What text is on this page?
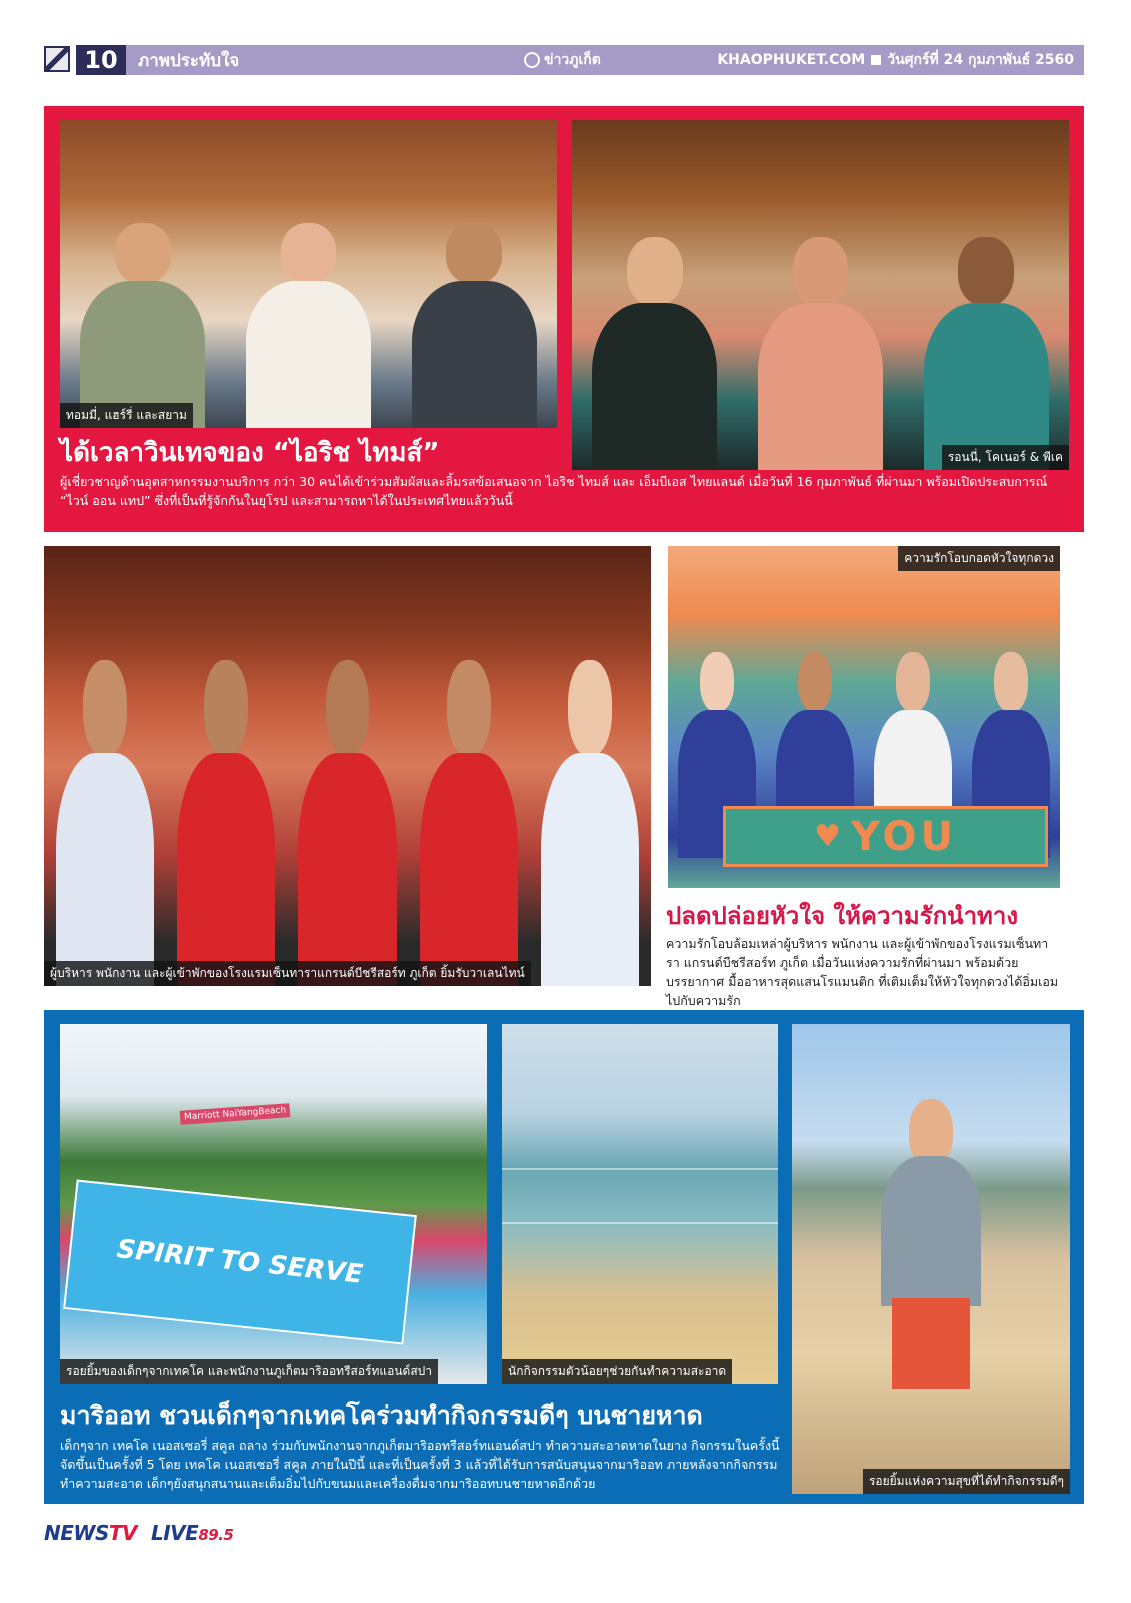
10	ภาพประทับใจ	ข่าวภูเก็ต	KHAOPHUKET.COM วันศุกร์ที่ 24 กุมภาพันธ์ 2560
ทอมมี่, แฮร์รี่ และสยาม
รอนนี่, โคเนอร์ & พีเค
ได้เวลาวินเทจของ “ไอริช ไทมส์”
ผู้เชี่ยวชาญด้านอุตสาหกรรมงานบริการ กว่า 30 คนได้เข้าร่วมสัมผัสและลิ้มรสข้อเสนอจาก ไอริช ไทมส์ และ เอ็มบีเอส ไทยแลนด์ เมื่อวันที่ 16 กุมภาพันธ์ ที่ผ่านมา พร้อมเปิดประสบการณ์ “ไวน์ ออน แทป” ซึ่งที่เป็นที่รู้จักกันในยุโรป และสามารถหาได้ในประเทศไทยแล้ววันนี้
ผู้บริหาร พนักงาน และผู้เข้าพักของโรงแรมเซ็นทาราแกรนด์บีชรีสอร์ท ภูเก็ต ยิ้มรับวาเลนไทน์
♥ YOU
ความรักโอบกอดหัวใจทุกดวง
ปลดปล่อยหัวใจ ให้ความรักนำทาง
ความรักโอบล้อมเหล่าผู้บริหาร พนักงาน และผู้เข้าพักของโรงแรมเซ็นทารา แกรนด์บีชรีสอร์ท ภูเก็ต เมื่อวันแห่งความรักที่ผ่านมา พร้อมด้วยบรรยากาศ มื้ออาหารสุดแสนโรแมนติก ที่เติมเต็มให้หัวใจทุกดวงได้อิ่มเอมไปกับความรัก
Marriott NaiYangBeach
SPIRIT TO SERVE
รอยยิ้มของเด็กๆจากเทคโค และพนักงานภูเก็ตมาริออทรีสอร์ทแอนด์สปา	นักกิจกรรมตัวน้อยๆช่วยกันทำความสะอาด
รอยยิ้มแห่งความสุขที่ได้ทำกิจกรรมดีๆ
มาริออท ชวนเด็กๆจากเทคโคร่วมทำกิจกรรมดีๆ บนชายหาด
เด็กๆจาก เทคโค เนอสเซอรี่ สคูล ถลาง ร่วมกับพนักงานจากภูเก็ตมาริออทรีสอร์ทแอนด์สปา ทำความสะอาดหาดในยาง กิจกรรมในครั้งนี้ จัดขึ้นเป็นครั้งที่ 5 โดย เทคโค เนอสเซอรี่ สคูล ภายในปีนี้ และที่เป็นครั้งที่ 3 แล้วที่ได้รับการสนับสนุนจากมาริออท ภายหลังจากกิจกรรม ทำความสะอาด เด็กๆยังสนุกสนานและเต็มอิ่มไปกับขนมและเครื่องดื่มจากมาริออทบนชายหาดอีกด้วย
NEWSTV LIVE89.5
